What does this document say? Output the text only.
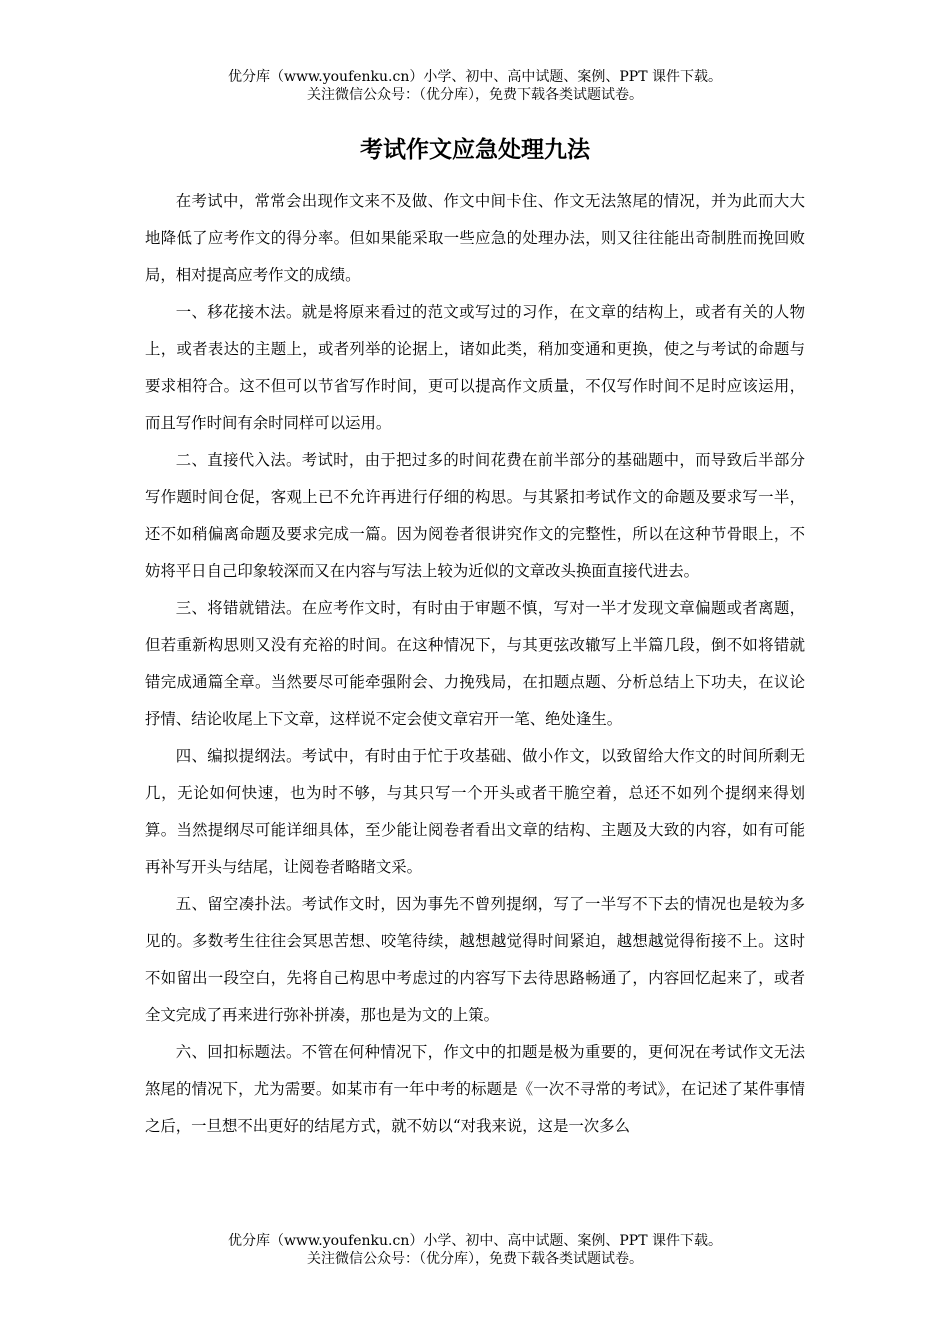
优分库（www.youfenku.cn）小学、初中、高中试题、案例、PPT 课件下载。
关注微信公众号：（优分库），免费下载各类试题试卷。
考试作文应急处理九法

在考试中，常常会出现作文来不及做、作文中间卡住、作文无法煞尾的情况，并为此而大大地降低了应考作文的得分率。但如果能采取一些应急的处理办法，则又往往能出奇制胜而挽回败局，相对提高应考作文的成绩。

一、移花接木法。就是将原来看过的范文或写过的习作，在文章的结构上，或者有关的人物上，或者表达的主题上，或者列举的论据上，诸如此类，稍加变通和更换，使之与考试的命题与要求相符合。这不但可以节省写作时间，更可以提高作文质量，不仅写作时间不足时应该运用，而且写作时间有余时同样可以运用。

二、直接代入法。考试时，由于把过多的时间花费在前半部分的基础题中，而导致后半部分写作题时间仓促，客观上已不允许再进行仔细的构思。与其紧扣考试作文的命题及要求写一半，还不如稍偏离命题及要求完成一篇。因为阅卷者很讲究作文的完整性，所以在这种节骨眼上，不妨将平日自己印象较深而又在内容与写法上较为近似的文章改头换面直接代进去。

三、将错就错法。在应考作文时，有时由于审题不慎，写对一半才发现文章偏题或者离题，但若重新构思则又没有充裕的时间。在这种情况下，与其更弦改辙写上半篇几段，倒不如将错就错完成通篇全章。当然要尽可能牵强附会、力挽残局，在扣题点题、分析总结上下功夫，在议论抒情、结论收尾上下文章，这样说不定会使文章宕开一笔、绝处逢生。

四、编拟提纲法。考试中，有时由于忙于攻基础、做小作文，以致留给大作文的时间所剩无几，无论如何快速，也为时不够，与其只写一个开头或者干脆空着，总还不如列个提纲来得划算。当然提纲尽可能详细具体，至少能让阅卷者看出文章的结构、主题及大致的内容，如有可能再补写开头与结尾，让阅卷者略睹文采。

五、留空凑扑法。考试作文时，因为事先不曾列提纲，写了一半写不下去的情况也是较为多见的。多数考生往往会冥思苦想、咬笔待续，越想越觉得时间紧迫，越想越觉得衔接不上。这时不如留出一段空白，先将自己构思中考虑过的内容写下去待思路畅通了，内容回忆起来了，或者全文完成了再来进行弥补拼凑，那也是为文的上策。

六、回扣标题法。不管在何种情况下，作文中的扣题是极为重要的，更何况在考试作文无法煞尾的情况下，尤为需要。如某市有一年中考的标题是《一次不寻常的考试》，在记述了某件事情之后，一旦想不出更好的结尾方式，就不妨以“对我来说，这是一次多么

优分库（www.youfenku.cn）小学、初中、高中试题、案例、PPT 课件下载。
关注微信公众号：（优分库），免费下载各类试题试卷。
